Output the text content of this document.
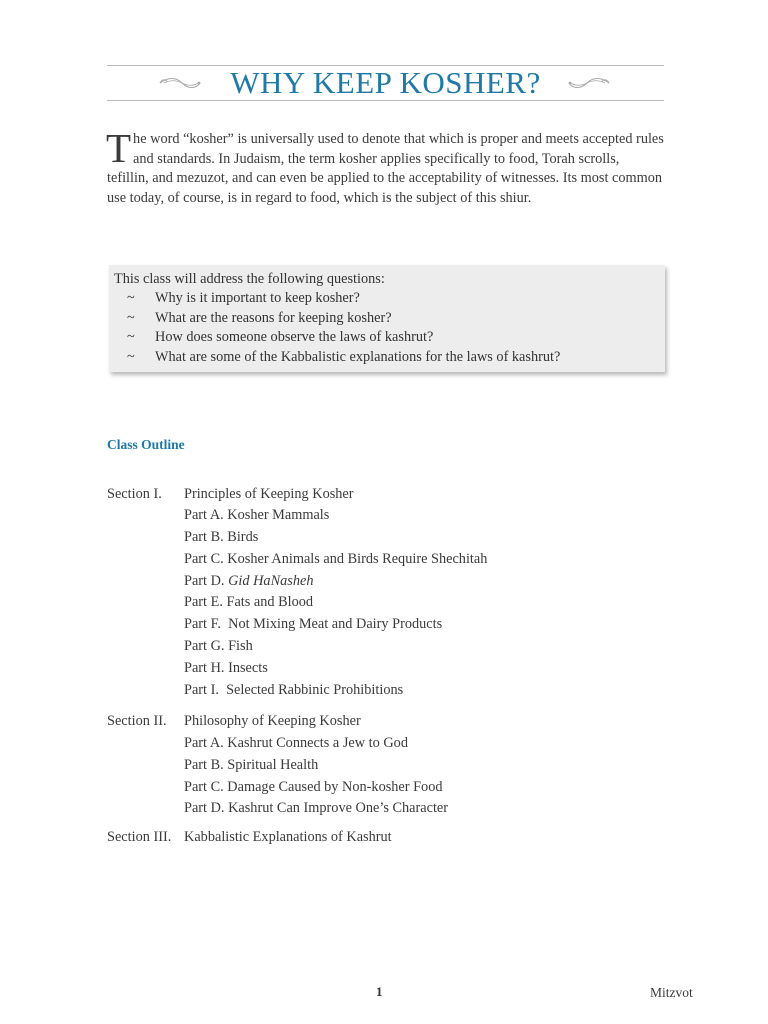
WHY KEEP KOSHER?
The word “kosher” is universally used to denote that which is proper and meets accepted rules and standards. In Judaism, the term kosher applies specifically to food, Torah scrolls, tefillin, and mezuzot, and can even be applied to the acceptability of witnesses. Its most common use today, of course, is in regard to food, which is the subject of this shiur.
This class will address the following questions:
~ Why is it important to keep kosher?
~ What are the reasons for keeping kosher?
~ How does someone observe the laws of kashrut?
~ What are some of the Kabbalistic explanations for the laws of kashrut?
Class Outline
Section I. Principles of Keeping Kosher
Part A. Kosher Mammals
Part B. Birds
Part C. Kosher Animals and Birds Require Shechitah
Part D. Gid HaNasheh
Part E. Fats and Blood
Part F.  Not Mixing Meat and Dairy Products
Part G. Fish
Part H. Insects
Part I.  Selected Rabbinic Prohibitions
Section II. Philosophy of Keeping Kosher
Part A. Kashrut Connects a Jew to God
Part B. Spiritual Health
Part C. Damage Caused by Non-kosher Food
Part D. Kashrut Can Improve One’s Character
Section III. Kabbalistic Explanations of Kashrut
1	Mitzvot
